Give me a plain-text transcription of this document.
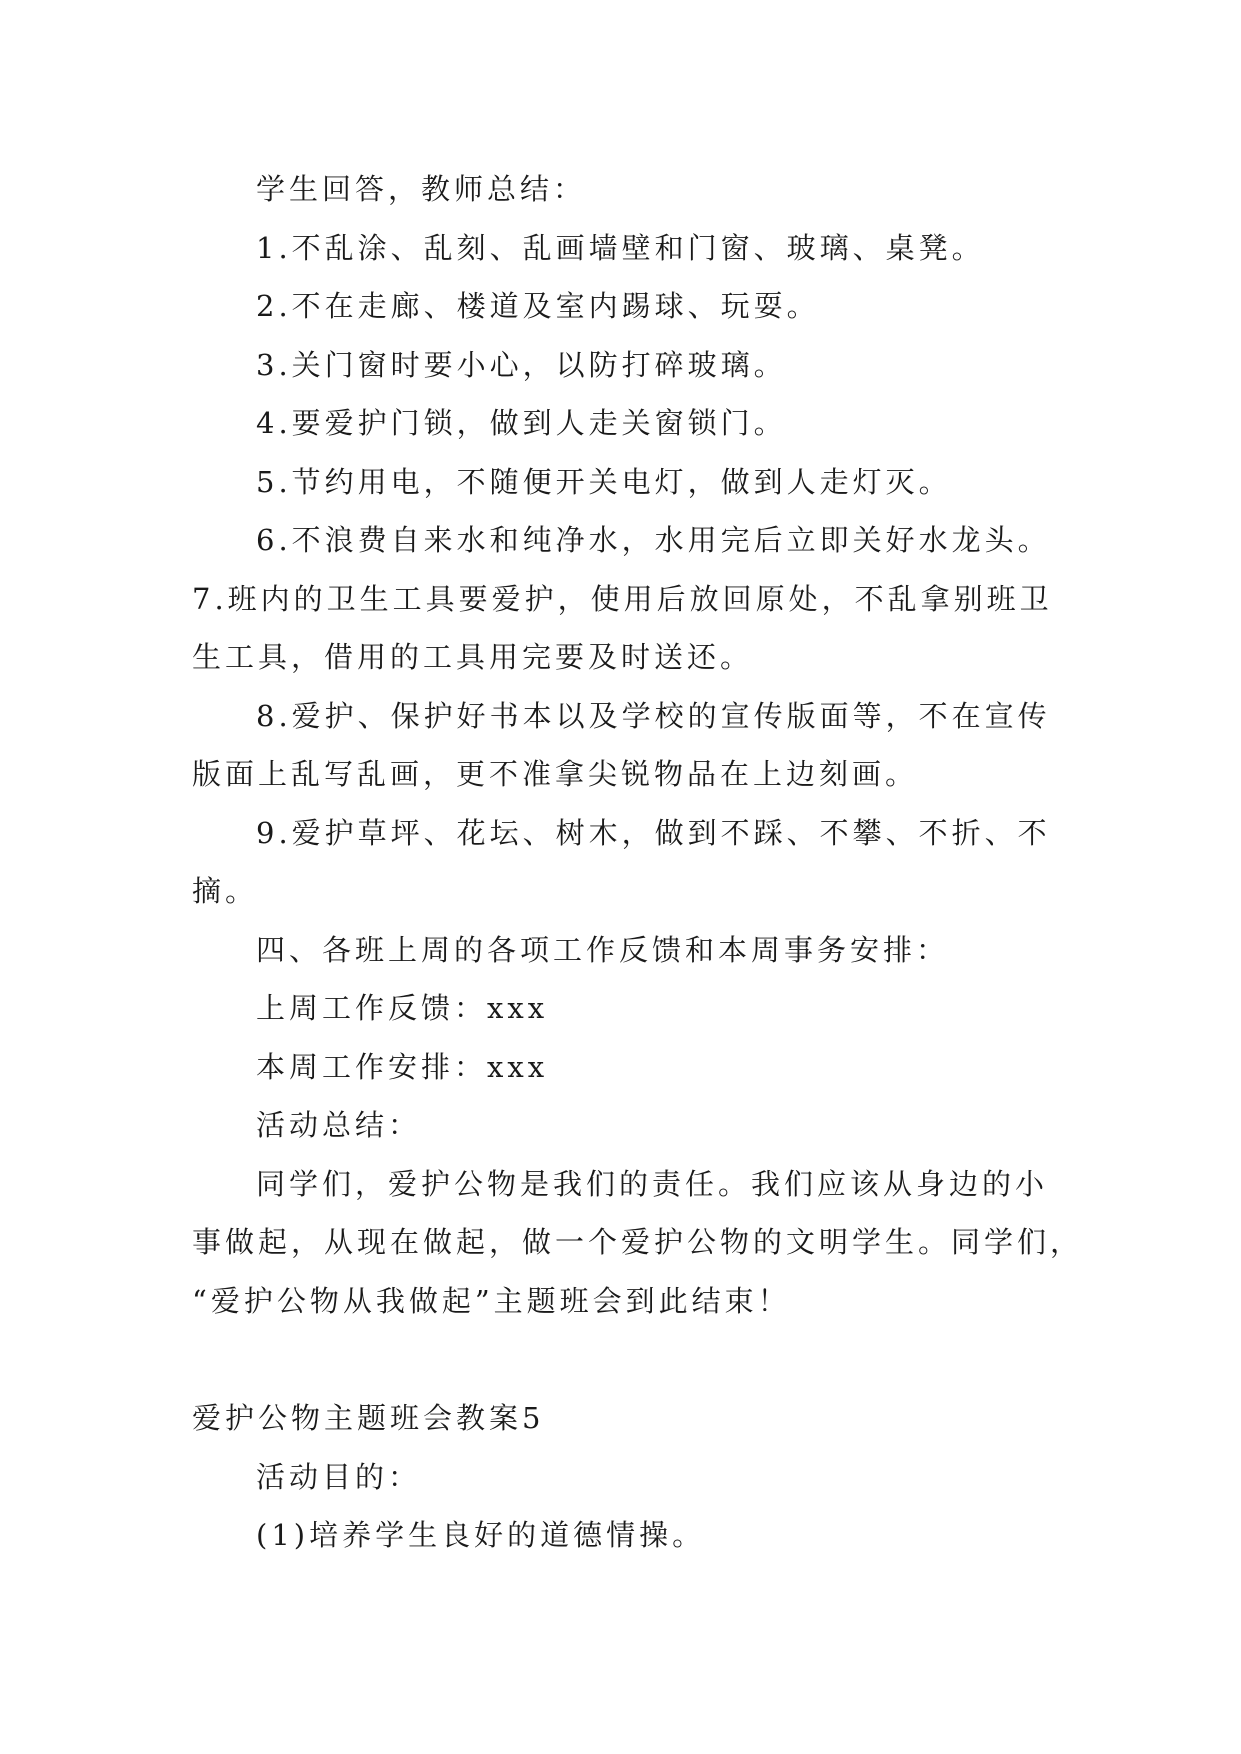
学生回答，教师总结：

1.不乱涂、乱刻、乱画墙壁和门窗、玻璃、桌凳。

2.不在走廊、楼道及室内踢球、玩耍。

3.关门窗时要小心，以防打碎玻璃。

4.要爱护门锁，做到人走关窗锁门。

5.节约用电，不随便开关电灯，做到人走灯灭。

6.不浪费自来水和纯净水，水用完后立即关好水龙头。

7.班内的卫生工具要爱护，使用后放回原处，不乱拿别班卫

生工具，借用的工具用完要及时送还。

8.爱护、保护好书本以及学校的宣传版面等，不在宣传

版面上乱写乱画，更不准拿尖锐物品在上边刻画。

9.爱护草坪、花坛、树木，做到不踩、不攀、不折、不

摘。

四、各班上周的各项工作反馈和本周事务安排：

上周工作反馈：xxx

本周工作安排：xxx

活动总结：

同学们，爱护公物是我们的责任。我们应该从身边的小

事做起，从现在做起，做一个爱护公物的文明学生。同学们，

“爱护公物从我做起”主题班会到此结束！

爱护公物主题班会教案5

活动目的：

(1)培养学生良好的道德情操。
